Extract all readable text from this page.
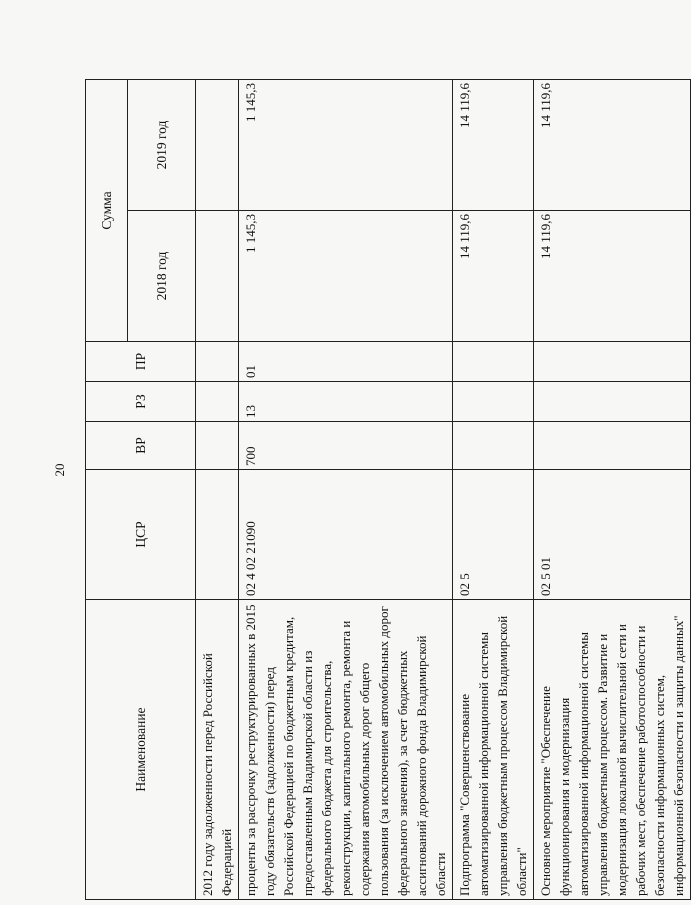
20
Наименование	ЦСР	ВР	РЗ	ПР	Сумма	
					2018 год	2019 год
2012 году задолженности перед Российской Федерацией						
проценты за рассрочку реструктурированных в 2015 году обязательств (задолженности) перед Российской Федерацией по бюджетным кредитам, предоставленным Владимирской области из федерального бюджета для строительства, реконструкции, капитального ремонта, ремонта и содержания автомобильных дорог общего пользования (за исключением автомобильных дорог федерального значения), за счет бюджетных ассигнований дорожного фонда Владимирской области	02 4 02 21090	700	13	01	1 145,3	1 145,3
Подпрограмма "Совершенствование автоматизированной информационной системы управления бюджетным процессом Владимирской области"	02 5				14 119,6	14 119,6
Основное мероприятие "Обеспечение функционирования и модернизация автоматизированной информационной системы управления бюджетным процессом. Развитие и модернизация локальной вычислительной сети и рабочих мест, обеспечение работоспособности и безопасности информационных систем, информационной безопасности и защиты данных"	02 5 01				14 119,6	14 119,6
